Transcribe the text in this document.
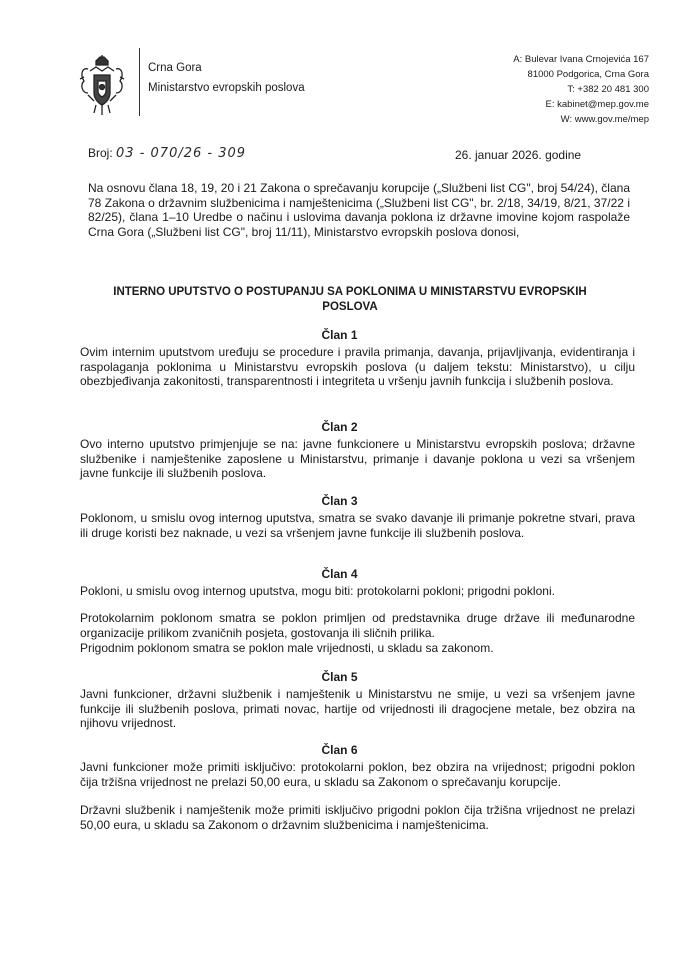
Crna Gora
Ministarstvo evropskih poslova
A: Bulevar Ivana Crnojevića 167
81000 Podgorica, Crna Gora
T: +382 20 481 300
E: kabinet@mep.gov.me
W: www.gov.me/mep
Broj: 03 - 070/26 - 309	26. januar 2026. godine
Na osnovu člana 18, 19, 20 i 21 Zakona o sprečavanju korupcije („Službeni list CG", broj 54/24), člana 78 Zakona o državnim službenicima i namještenicima („Službeni list CG", br. 2/18, 34/19, 8/21, 37/22 i 82/25), člana 1–10 Uredbe o načinu i uslovima davanja poklona iz državne imovine kojom raspolaže Crna Gora („Službeni list CG", broj 11/11), Ministarstvo evropskih poslova donosi,
INTERNO UPUTSTVO O POSTUPANJU SA POKLONIMA U MINISTARSTVU EVROPSKIH POSLOVA
Član 1
Ovim internim uputstvom uređuju se procedure i pravila primanja, davanja, prijavljivanja, evidentiranja i raspolaganja poklonima u Ministarstvu evropskih poslova (u daljem tekstu: Ministarstvo), u cilju obezbjeđivanja zakonitosti, transparentnosti i integriteta u vršenju javnih funkcija i službenih poslova.
Član 2
Ovo interno uputstvo primjenjuje se na: javne funkcionere u Ministarstvu evropskih poslova; državne službenike i namještenike zaposlene u Ministarstvu, primanje i davanje poklona u vezi sa vršenjem javne funkcije ili službenih poslova.
Član 3
Poklonom, u smislu ovog internog uputstva, smatra se svako davanje ili primanje pokretne stvari, prava ili druge koristi bez naknade, u vezi sa vršenjem javne funkcije ili službenih poslova.
Član 4
Pokloni, u smislu ovog internog uputstva, mogu biti: protokolarni pokloni; prigodni pokloni.
Protokolarnim poklonom smatra se poklon primljen od predstavnika druge države ili međunarodne organizacije prilikom zvaničnih posjeta, gostovanja ili sličnih prilika.
Prigodnim poklonom smatra se poklon male vrijednosti, u skladu sa zakonom.
Član 5
Javni funkcioner, državni službenik i namještenik u Ministarstvu ne smije, u vezi sa vršenjem javne funkcije ili službenih poslova, primati novac, hartije od vrijednosti ili dragocjene metale, bez obzira na njihovu vrijednost.
Član 6
Javni funkcioner može primiti isključivo: protokolarni poklon, bez obzira na vrijednost; prigodni poklon čija tržišna vrijednost ne prelazi 50,00 eura, u skladu sa Zakonom o sprečavanju korupcije.
Državni službenik i namještenik može primiti isključivo prigodni poklon čija tržišna vrijednost ne prelazi 50,00 eura, u skladu sa Zakonom o državnim službenicima i namještenicima.
